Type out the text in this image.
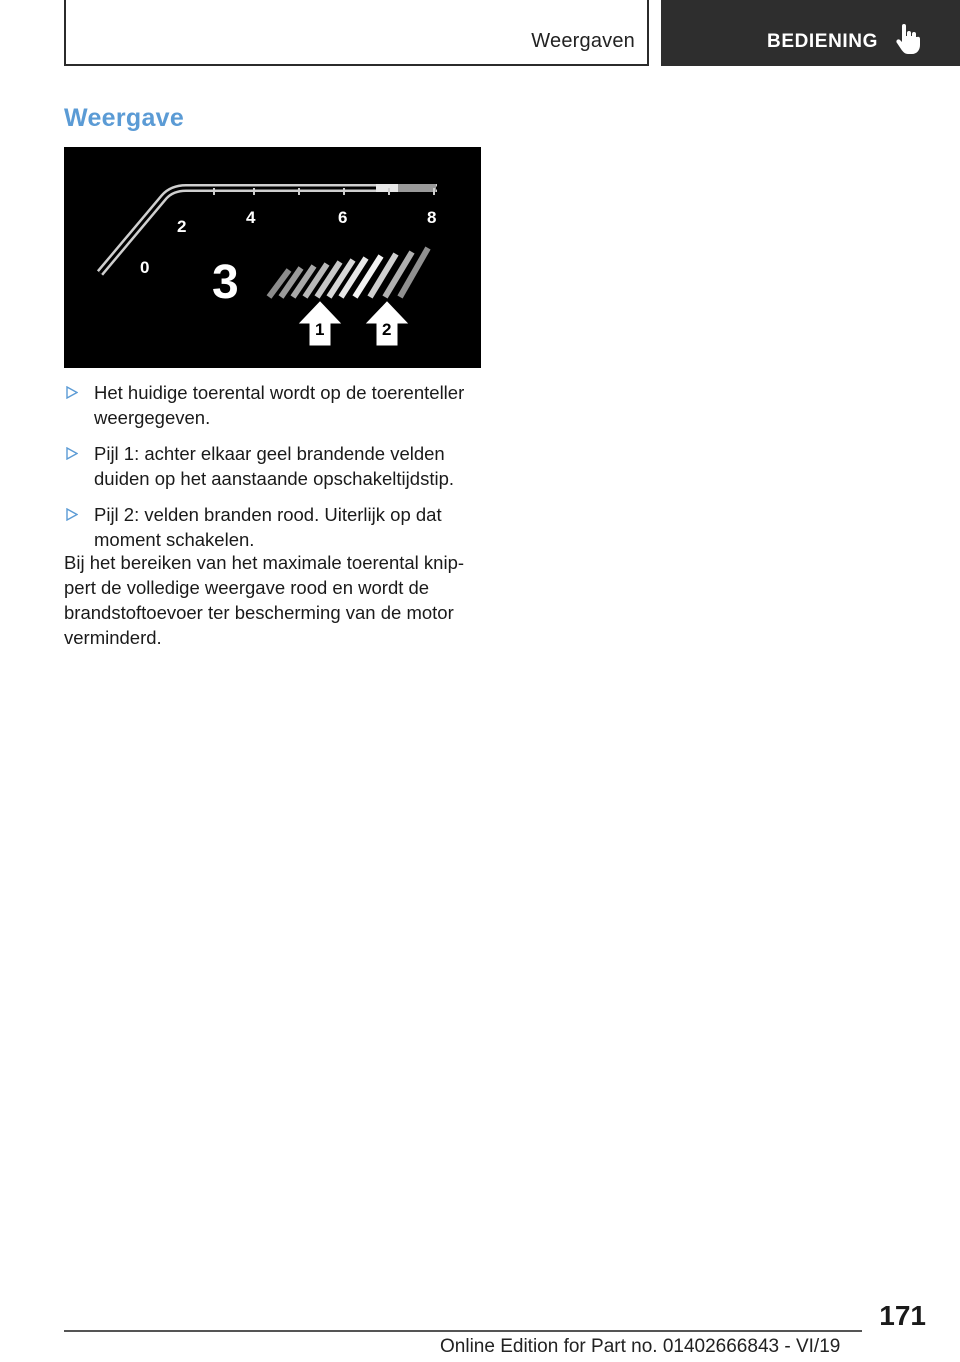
Weergaven	BEDIENING
Weergave
0
2	4	6	8
3
1	2
Het huidige toerental wordt op de toerenteller weergegeven.
Pijl 1: achter elkaar geel brandende velden duiden op het aanstaande opschakeltijdstip.
Pijl 2: velden branden rood. Uiterlijk op dat moment schakelen.

Bij het bereiken van het maximale toerental knip-pert de volledige weergave rood en wordt de brandstoftoevoer ter bescherming van de motor verminderd.

171
Online Edition for Part no. 01402666843 - VI/19
